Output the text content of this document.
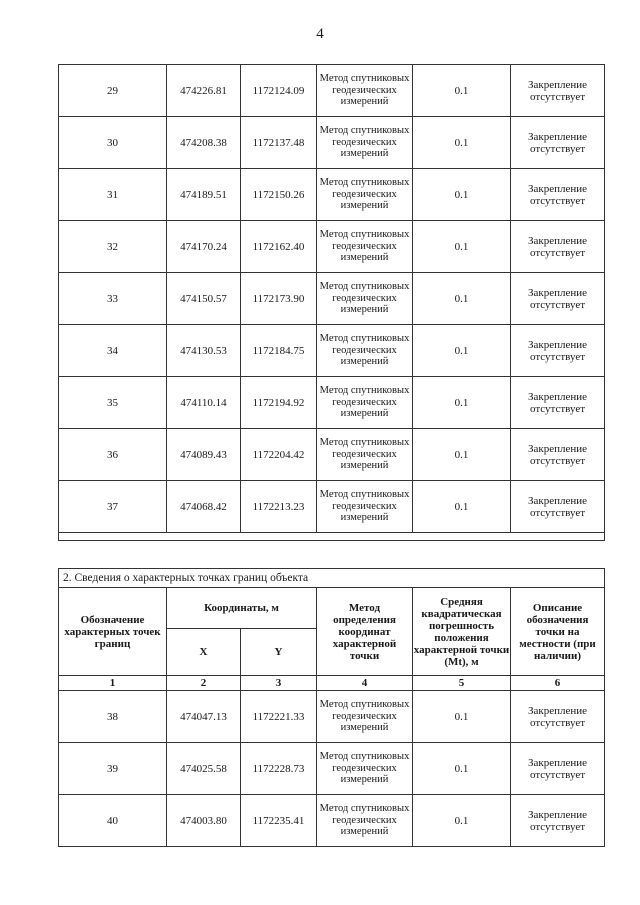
4
29	474226.81	1172124.09	Метод спутниковых геодезических измерений	0.1	Закрепление отсутствует
30	474208.38	1172137.48	Метод спутниковых геодезических измерений	0.1	Закрепление отсутствует
31	474189.51	1172150.26	Метод спутниковых геодезических измерений	0.1	Закрепление отсутствует
32	474170.24	1172162.40	Метод спутниковых геодезических измерений	0.1	Закрепление отсутствует
33	474150.57	1172173.90	Метод спутниковых геодезических измерений	0.1	Закрепление отсутствует
34	474130.53	1172184.75	Метод спутниковых геодезических измерений	0.1	Закрепление отсутствует
35	474110.14	1172194.92	Метод спутниковых геодезических измерений	0.1	Закрепление отсутствует
36	474089.43	1172204.42	Метод спутниковых геодезических измерений	0.1	Закрепление отсутствует
37	474068.42	1172213.23	Метод спутниковых геодезических измерений	0.1	Закрепление отсутствует

2. Сведения о характерных точках границ объекта					
Обозначение характерных точек границ	Координаты, м		Метод определения координат характерной точки	Средняя квадратическая погрешность положения характерной точки (Mt), м	Описание обозначения точки на местности (при наличии)
	X	Y			
1	2	3	4	5	6
38	474047.13	1172221.33	Метод спутниковых геодезических измерений	0.1	Закрепление отсутствует
39	474025.58	1172228.73	Метод спутниковых геодезических измерений	0.1	Закрепление отсутствует
40	474003.80	1172235.41	Метод спутниковых геодезических измерений	0.1	Закрепление отсутствует
